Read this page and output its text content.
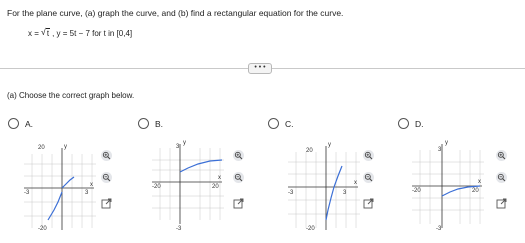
For the plane curve, (a) graph the curve, and (b) find a rectangular equation for the curve.
x = √ t , y = 5t − 7 for t in [0,4]
• • •
(a) Choose the correct graph below.
A.	B.	C.	D.
y
x
20
-20
-3	3
y
x
3
-3
-20	20
y
x
20
-20
-3	3
y
x
3
-3
-20	20
